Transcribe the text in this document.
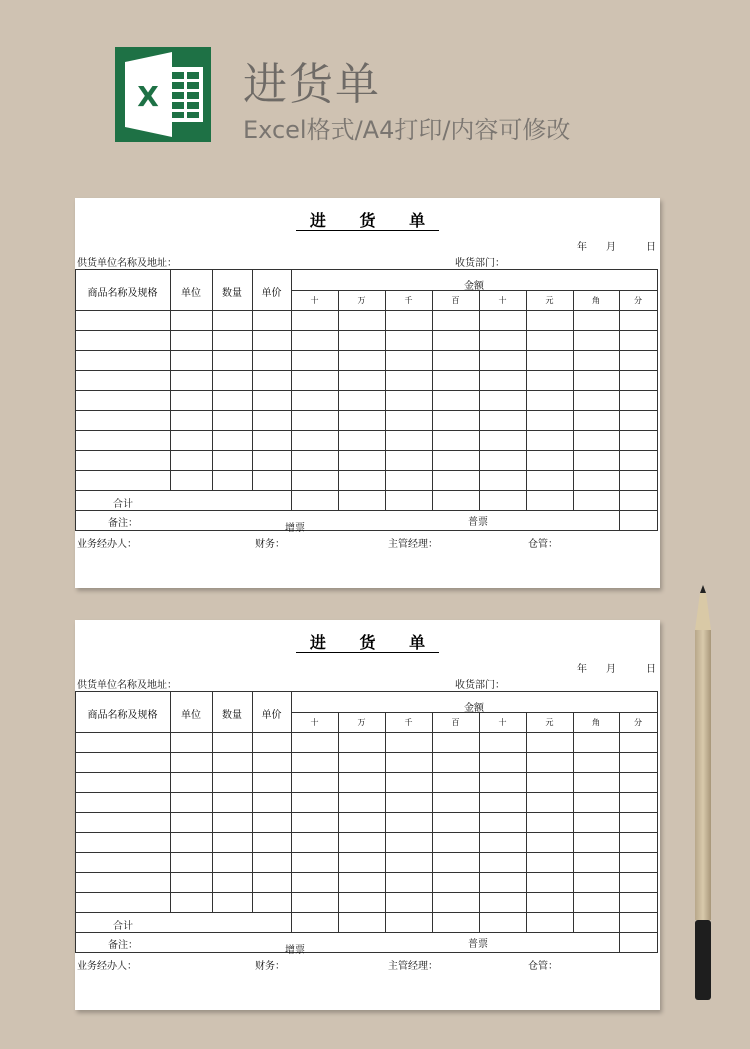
X 进货单
Excel格式/A4打印/内容可修改
进 货 单
年 月	日
供货单位名称及地址：	收货部门：
商品名称及规格	单位	数量	单价
金额
十	万	千	百	十	元	角	分
合计
备注：	增票
普票
业务经办人：	财务：	主管经理：	仓管：
进 货 单
年 月	日
供货单位名称及地址：	收货部门：
商品名称及规格	单位	数量	单价
金额
十	万	千	百	十	元	角	分
合计
备注：	增票
普票
业务经办人：	财务：	主管经理：	仓管：
